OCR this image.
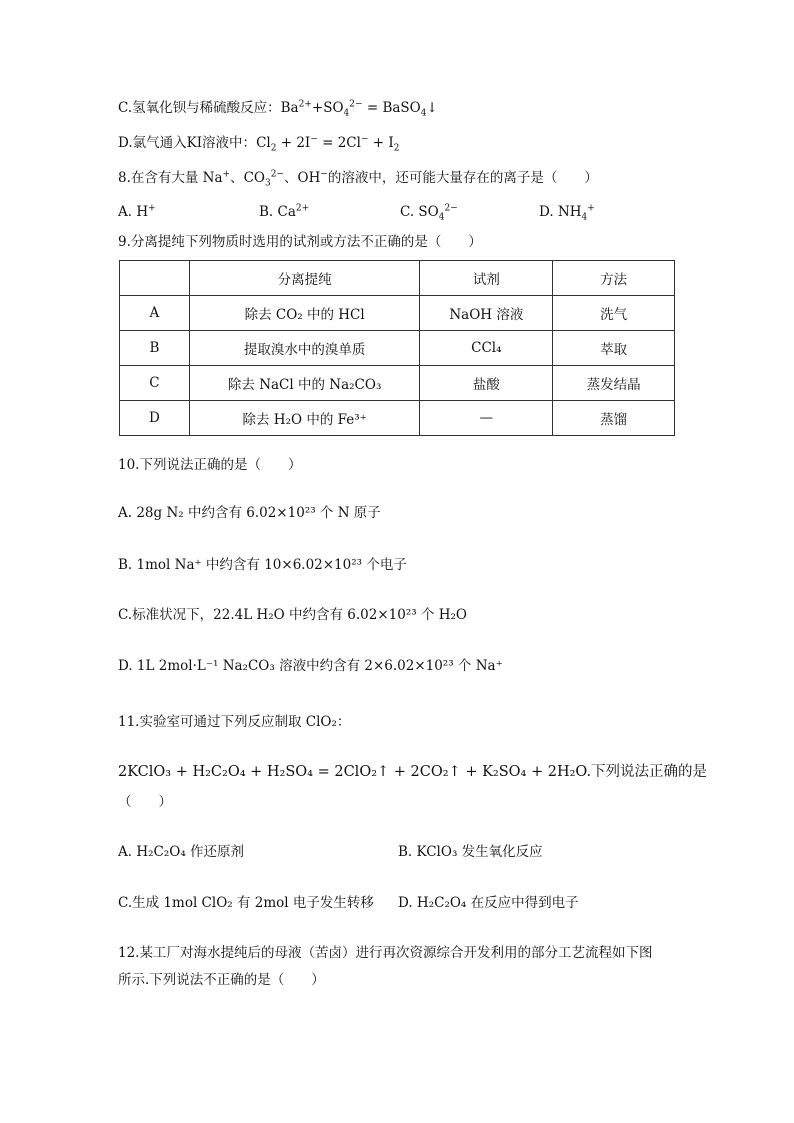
C.氢氧化钡与稀硫酸反应：$Ba^{2+}+SO_4^{2-}$ = BaSO$_4$↓
D.氯气通入KI溶液中：$Cl_2 + 2I^- = 2Cl^- + I_2$
8.在含有大量 Na+、$CO_3^{2-}$、OH−的溶液中，还可能大量存在的离子是（　　）
A. H+	B. $Ca^{2+}$	C. $SO_4^{2-}$	D. $NH_4^+$
9.分离提纯下列物质时选用的试剂或方法不正确的是（　　）
	分离提纯	试剂	方法
A	除去 CO₂ 中的 HCl	NaOH 溶液	洗气
B	提取溴水中的溴单质	CCl₄	萃取
C	除去 NaCl 中的 Na₂CO₃	盐酸	蒸发结晶
D	除去 H₂O 中的 Fe³⁺	—	蒸馏
10.下列说法正确的是（　　）
A. 28g N₂ 中约含有 6.02×10²³ 个 N 原子
B. 1mol Na⁺ 中约含有 10×6.02×10²³ 个电子
C.标准状况下，22.4L H₂O 中约含有 6.02×10²³ 个 H₂O
D. 1L 2mol·L⁻¹ Na₂CO₃ 溶液中约含有 2×6.02×10²³ 个 Na⁺
11.实验室可通过下列反应制取 ClO₂：
2KClO₃ + H₂C₂O₄ + H₂SO₄ = 2ClO₂↑ + 2CO₂↑ + K₂SO₄ + 2H₂O.下列说法正确的是
（　　）
A. H₂C₂O₄ 作还原剂	B. KClO₃ 发生氧化反应
C.生成 1mol ClO₂ 有 2mol 电子发生转移 D. H₂C₂O₄ 在反应中得到电子
12.某工厂对海水提纯后的母液（苦卤）进行再次资源综合开发利用的部分工艺流程如下图
所示.下列说法不正确的是（　　）
